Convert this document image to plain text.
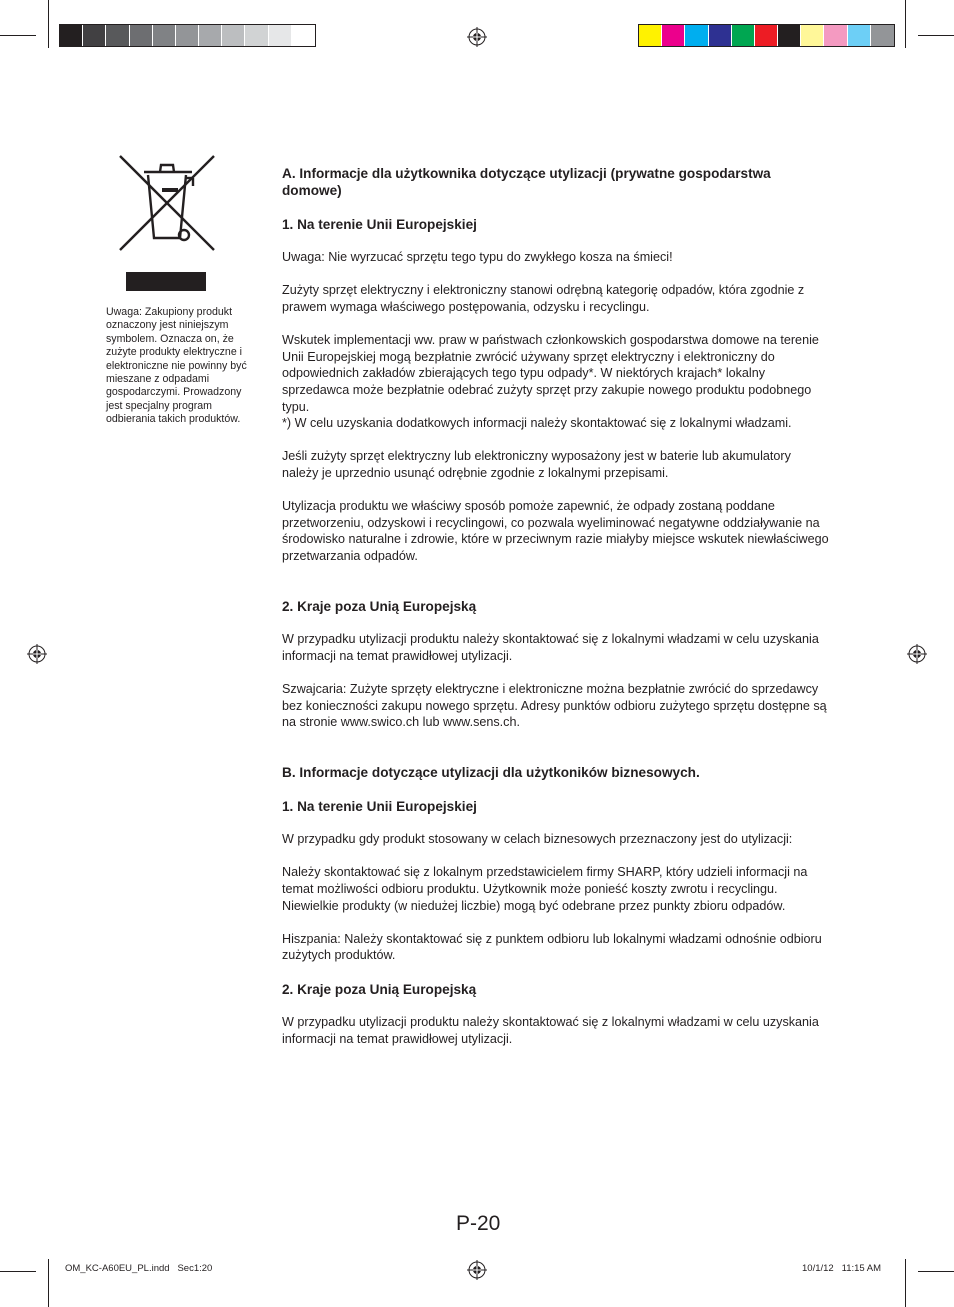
Uwaga: Zakupiony produkt oznaczony jest niniejszym symbolem. Oznacza on, że zużyte produkty elektryczne i elektroniczne nie powinny być mieszane z odpadami gospodarczymi. Prowadzony jest specjalny program odbierania takich produktów.

A. Informacje dla użytkownika dotyczące utylizacji (prywatne gospodarstwa domowe)

1. Na terenie Unii Europejskiej

Uwaga: Nie wyrzucać sprzętu tego typu do zwykłego kosza na śmieci!

Zużyty sprzęt elektryczny i elektroniczny stanowi odrębną kategorię odpadów, która zgodnie z prawem wymaga właściwego postępowania, odzysku i recyclingu.

Wskutek implementacji ww. praw w państwach członkowskich gospodarstwa domowe na terenie Unii Europejskiej mogą bezpłatnie zwrócić używany sprzęt elektryczny i elektroniczny do odpowiednich zakładów zbierających tego typu odpady*. W niektórych krajach* lokalny sprzedawca może bezpłatnie odebrać zużyty sprzęt przy zakupie nowego produktu podobnego typu.

*) W celu uzyskania dodatkowych informacji należy skontaktować się z lokalnymi władzami.

Jeśli zużyty sprzęt elektryczny lub elektroniczny wyposażony jest w baterie lub akumulatory należy je uprzednio usunąć odrębnie zgodnie z lokalnymi przepisami.

Utylizacja produktu we właściwy sposób pomoże zapewnić, że odpady zostaną poddane przetworzeniu, odzyskowi i recyclingowi, co pozwala wyeliminować negatywne oddziaływanie na środowisko naturalne i zdrowie, które w przeciwnym razie miałyby miejsce wskutek niewłaściwego przetwarzania odpadów.

2. Kraje poza Unią Europejską

W przypadku utylizacji produktu należy skontaktować się z lokalnymi władzami w celu uzyskania informacji na temat prawidłowej utylizacji.

Szwajcaria: Zużyte sprzęty elektryczne i elektroniczne można bezpłatnie zwrócić do sprzedawcy bez konieczności zakupu nowego sprzętu. Adresy punktów odbioru zużytego sprzętu dostępne są na stronie www.swico.ch lub www.sens.ch.

B. Informacje dotyczące utylizacji dla użytkoników biznesowych.

1. Na terenie Unii Europejskiej

W przypadku gdy produkt stosowany w celach biznesowych przeznaczony jest do utylizacji:

Należy skontaktować się z lokalnym przedstawicielem firmy SHARP, który udzieli informacji na temat możliwości odbioru produktu. Użytkownik może ponieść koszty zwrotu i recyclingu. Niewielkie produkty (w niedużej liczbie) mogą być odebrane przez punkty zbioru odpadów.

Hiszpania: Należy skontaktować się z punktem odbioru lub lokalnymi władzami odnośnie odbioru zużytych produktów.

2. Kraje poza Unią Europejską

W przypadku utylizacji produktu należy skontaktować się z lokalnymi władzami w celu uzyskania informacji na temat prawidłowej utylizacji.

P-20
OM_KC-A60EU_PL.indd   Sec1:20	10/1/12   11:15 AM
